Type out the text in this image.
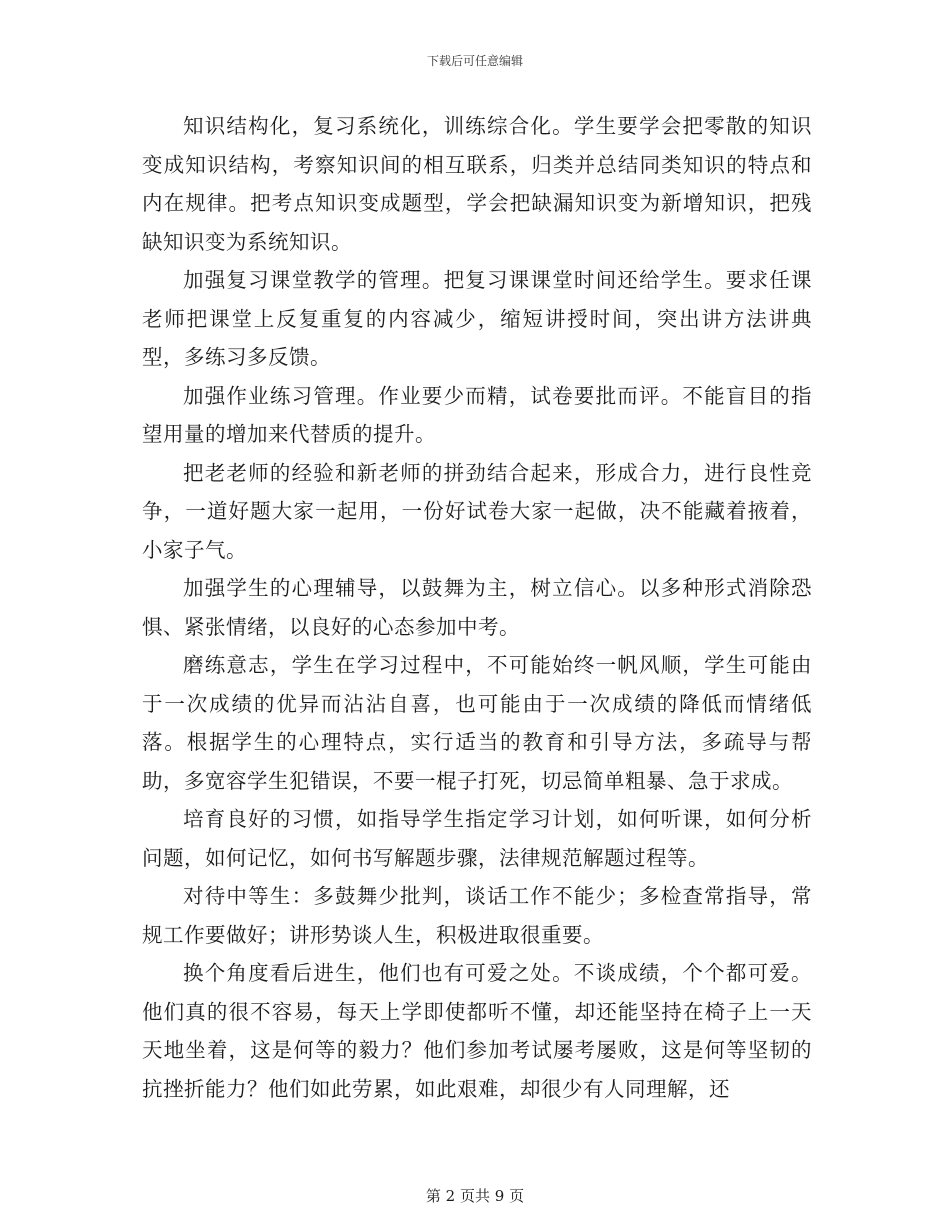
下载后可任意编辑

知识结构化，复习系统化，训练综合化。学生要学会把零散的知识变成知识结构，考察知识间的相互联系，归类并总结同类知识的特点和内在规律。把考点知识变成题型，学会把缺漏知识变为新增知识，把残缺知识变为系统知识。

加强复习课堂教学的管理。把复习课课堂时间还给学生。要求任课老师把课堂上反复重复的内容减少，缩短讲授时间，突出讲方法讲典型，多练习多反馈。

加强作业练习管理。作业要少而精，试卷要批而评。不能盲目的指望用量的增加来代替质的提升。

把老老师的经验和新老师的拼劲结合起来，形成合力，进行良性竞争，一道好题大家一起用，一份好试卷大家一起做，决不能藏着掖着，小家子气。

加强学生的心理辅导，以鼓舞为主，树立信心。以多种形式消除恐惧、紧张情绪，以良好的心态参加中考。

磨练意志，学生在学习过程中，不可能始终一帆风顺，学生可能由于一次成绩的优异而沾沾自喜，也可能由于一次成绩的降低而情绪低落。根据学生的心理特点，实行适当的教育和引导方法，多疏导与帮助，多宽容学生犯错误，不要一棍子打死，切忌简单粗暴、急于求成。

培育良好的习惯，如指导学生指定学习计划，如何听课，如何分析问题，如何记忆，如何书写解题步骤，法律规范解题过程等。

对待中等生：多鼓舞少批判，谈话工作不能少；多检查常指导，常规工作要做好；讲形势谈人生，积极进取很重要。

换个角度看后进生，他们也有可爱之处。不谈成绩，个个都可爱。他们真的很不容易，每天上学即使都听不懂，却还能坚持在椅子上一天天地坐着，这是何等的毅力？他们参加考试屡考屡败，这是何等坚韧的抗挫折能力？他们如此劳累，如此艰难，却很少有人同理解，还

第 2 页共 9 页
